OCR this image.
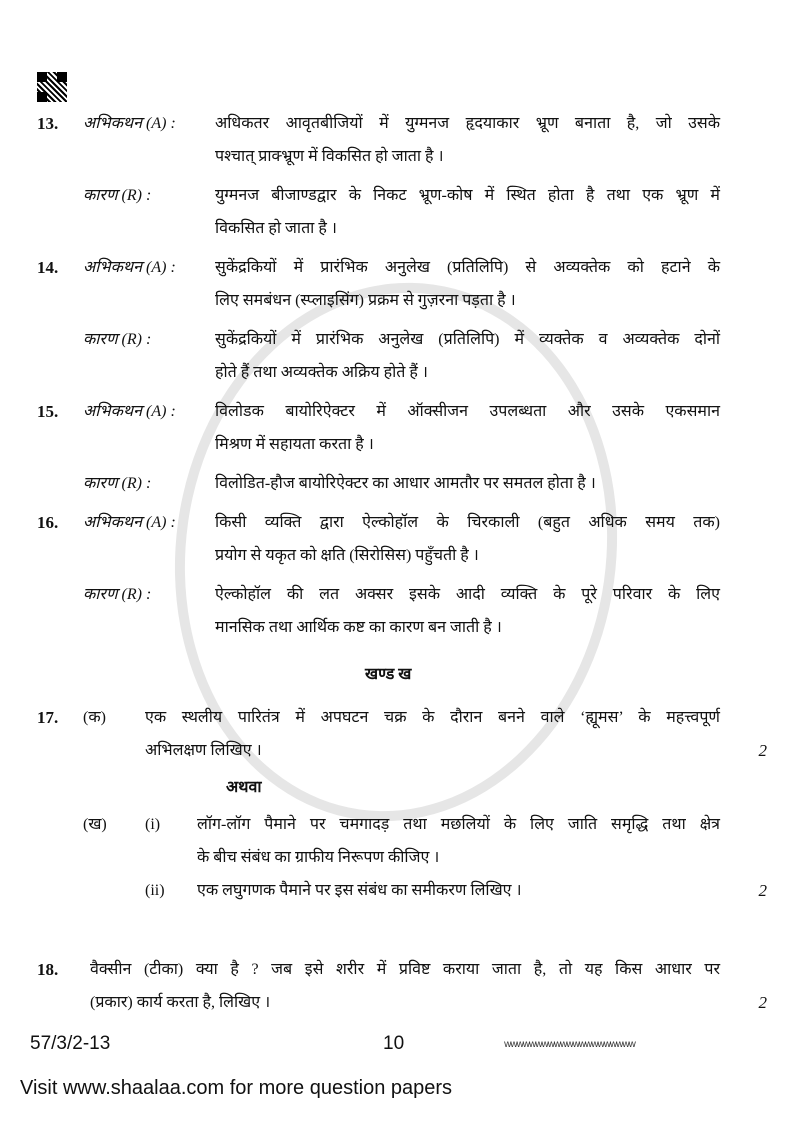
13.	अभिकथन (A) :	अधिकतर आवृतबीजियों में युग्मनज हृदयाकार भ्रूण बनाता है, जो उसके
पश्चात् प्राक्भ्रूण में विकसित हो जाता है ।
कारण (R) :	युग्मनज बीजाण्डद्वार के निकट भ्रूण-कोष में स्थित होता है तथा एक भ्रूण में
विकसित हो जाता है ।
14.	अभिकथन (A) :	सुकेंद्रकियों में प्रारंभिक अनुलेख (प्रतिलिपि) से अव्यक्तेक को हटाने के
लिए समबंधन (स्प्लाइसिंग) प्रक्रम से गुज़रना पड़ता है ।
कारण (R) :	सुकेंद्रकियों में प्रारंभिक अनुलेख (प्रतिलिपि) में व्यक्तेक व अव्यक्तेक दोनों
होते हैं तथा अव्यक्तेक अक्रिय होते हैं ।
15.	अभिकथन (A) :	विलोडक बायोरिऐक्टर में ऑक्सीजन उपलब्धता और उसके एकसमान
मिश्रण में सहायता करता है ।
कारण (R) :	विलोडित-हौज बायोरिऐक्टर का आधार आमतौर पर समतल होता है ।
16.	अभिकथन (A) :	किसी व्यक्ति द्वारा ऐल्कोहॉल के चिरकाली (बहुत अधिक समय तक)
प्रयोग से यकृत को क्षति (सिरोसिस) पहुँचती है ।
कारण (R) :	ऐल्कोहॉल की लत अक्सर इसके आदी व्यक्ति के पूरे परिवार के लिए
मानसिक तथा आर्थिक कष्ट का कारण बन जाती है ।
खण्ड ख
17.	(क)	एक स्थलीय पारितंत्र में अपघटन चक्र के दौरान बनने वाले ‘ह्यूमस’ के महत्त्वपूर्ण
अभिलक्षण लिखिए ।	2
अथवा
(ख)	(i)	लॉग-लॉग पैमाने पर चमगादड़ तथा मछलियों के लिए जाति समृद्धि तथा क्षेत्र
के बीच संबंध का ग्राफीय निरूपण कीजिए ।
(ii)	एक लघुगणक पैमाने पर इस संबंध का समीकरण लिखिए ।	2
18.	वैक्सीन (टीका) क्या है ? जब इसे शरीर में प्रविष्ट कराया जाता है, तो यह किस आधार पर
(प्रकार) कार्य करता है, लिखिए ।	2
57/3/2-13	10	wwwwwwwwwwwwwwwwwwwww
Visit www.shaalaa.com for more question papers
